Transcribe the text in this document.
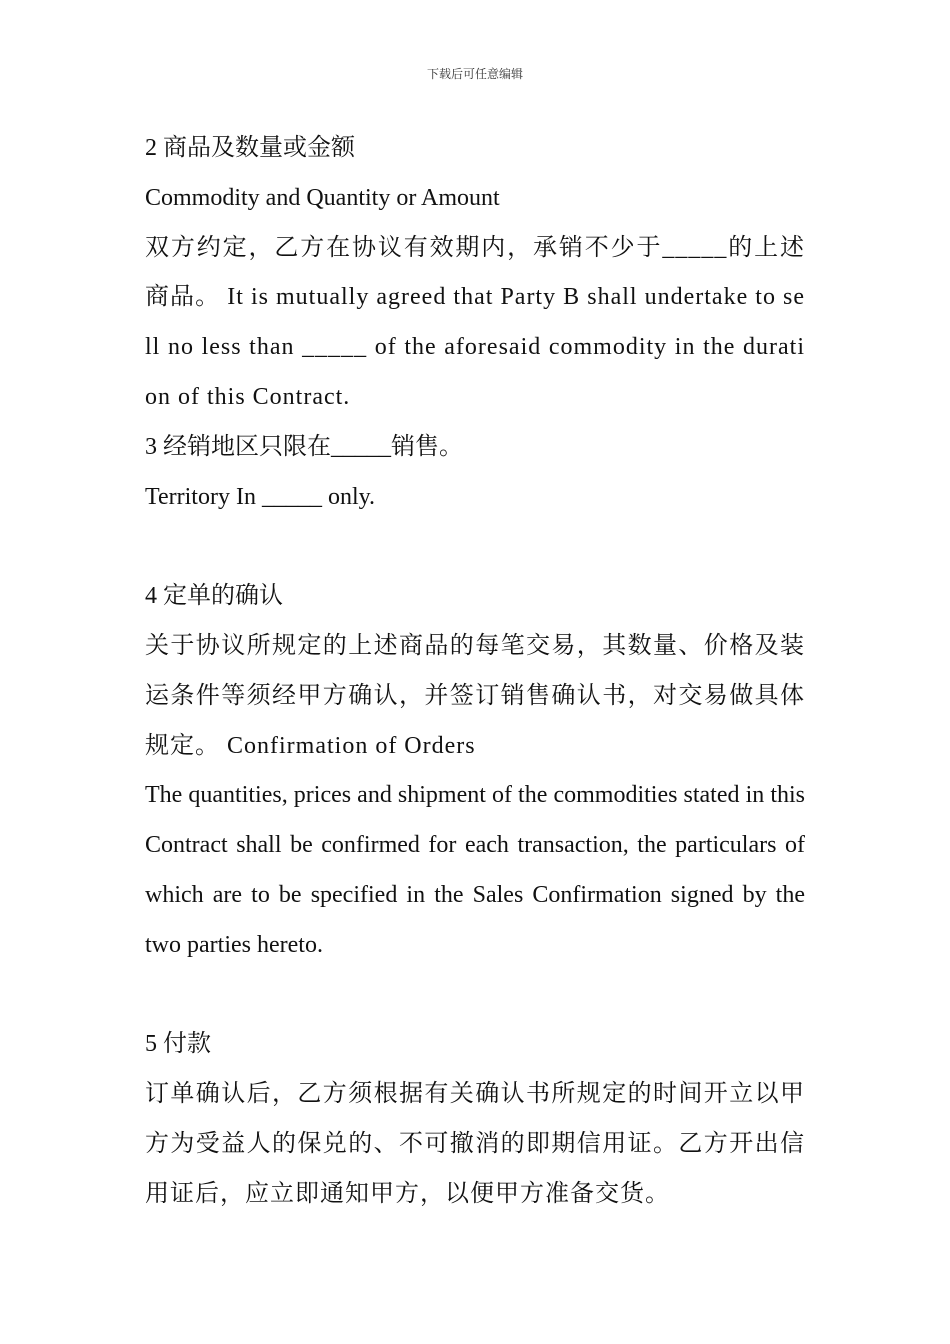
下载后可任意编辑

2 商品及数量或金额

Commodity and Quantity or Amount

双方约定，乙方在协议有效期内，承销不少于_____的上述商品。 It is mutually agreed that Party B shall undertake to sell no less than _____ of the aforesaid commodity in the duration of this Contract.

3 经销地区只限在_____销售。

Territory In _____ only.

4 定单的确认

关于协议所规定的上述商品的每笔交易，其数量、价格及装运条件等须经甲方确认，并签订销售确认书，对交易做具体规定。 Confirmation of Orders

The quantities, prices and shipment of the commodities stated in this Contract shall be confirmed for each transaction, the particulars of which are to be specified in the Sales Confirmation signed by the two parties hereto.

5 付款

订单确认后，乙方须根据有关确认书所规定的时间开立以甲方为受益人的保兑的、不可撤消的即期信用证。乙方开出信用证后，应立即通知甲方，以便甲方准备交货。
